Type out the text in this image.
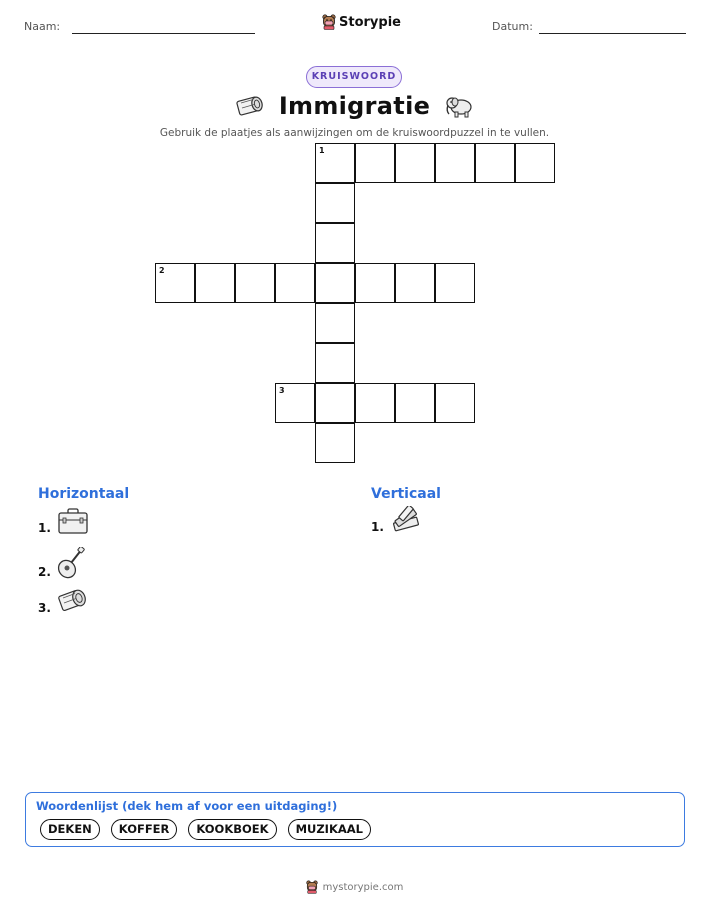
Naam:	Storypie	Datum:
KRUISWOORD
Immigratie
Gebruik de plaatjes als aanwijzingen om de kruiswoordpuzzel in te vullen.
1
2
3
Horizontaal	Verticaal
1.
2.
3.
1.
Woordenlijst (dek hem af voor een uitdaging!)
DEKEN	KOFFER	KOOKBOEK	MUZIKAAL
mystorypie.com
